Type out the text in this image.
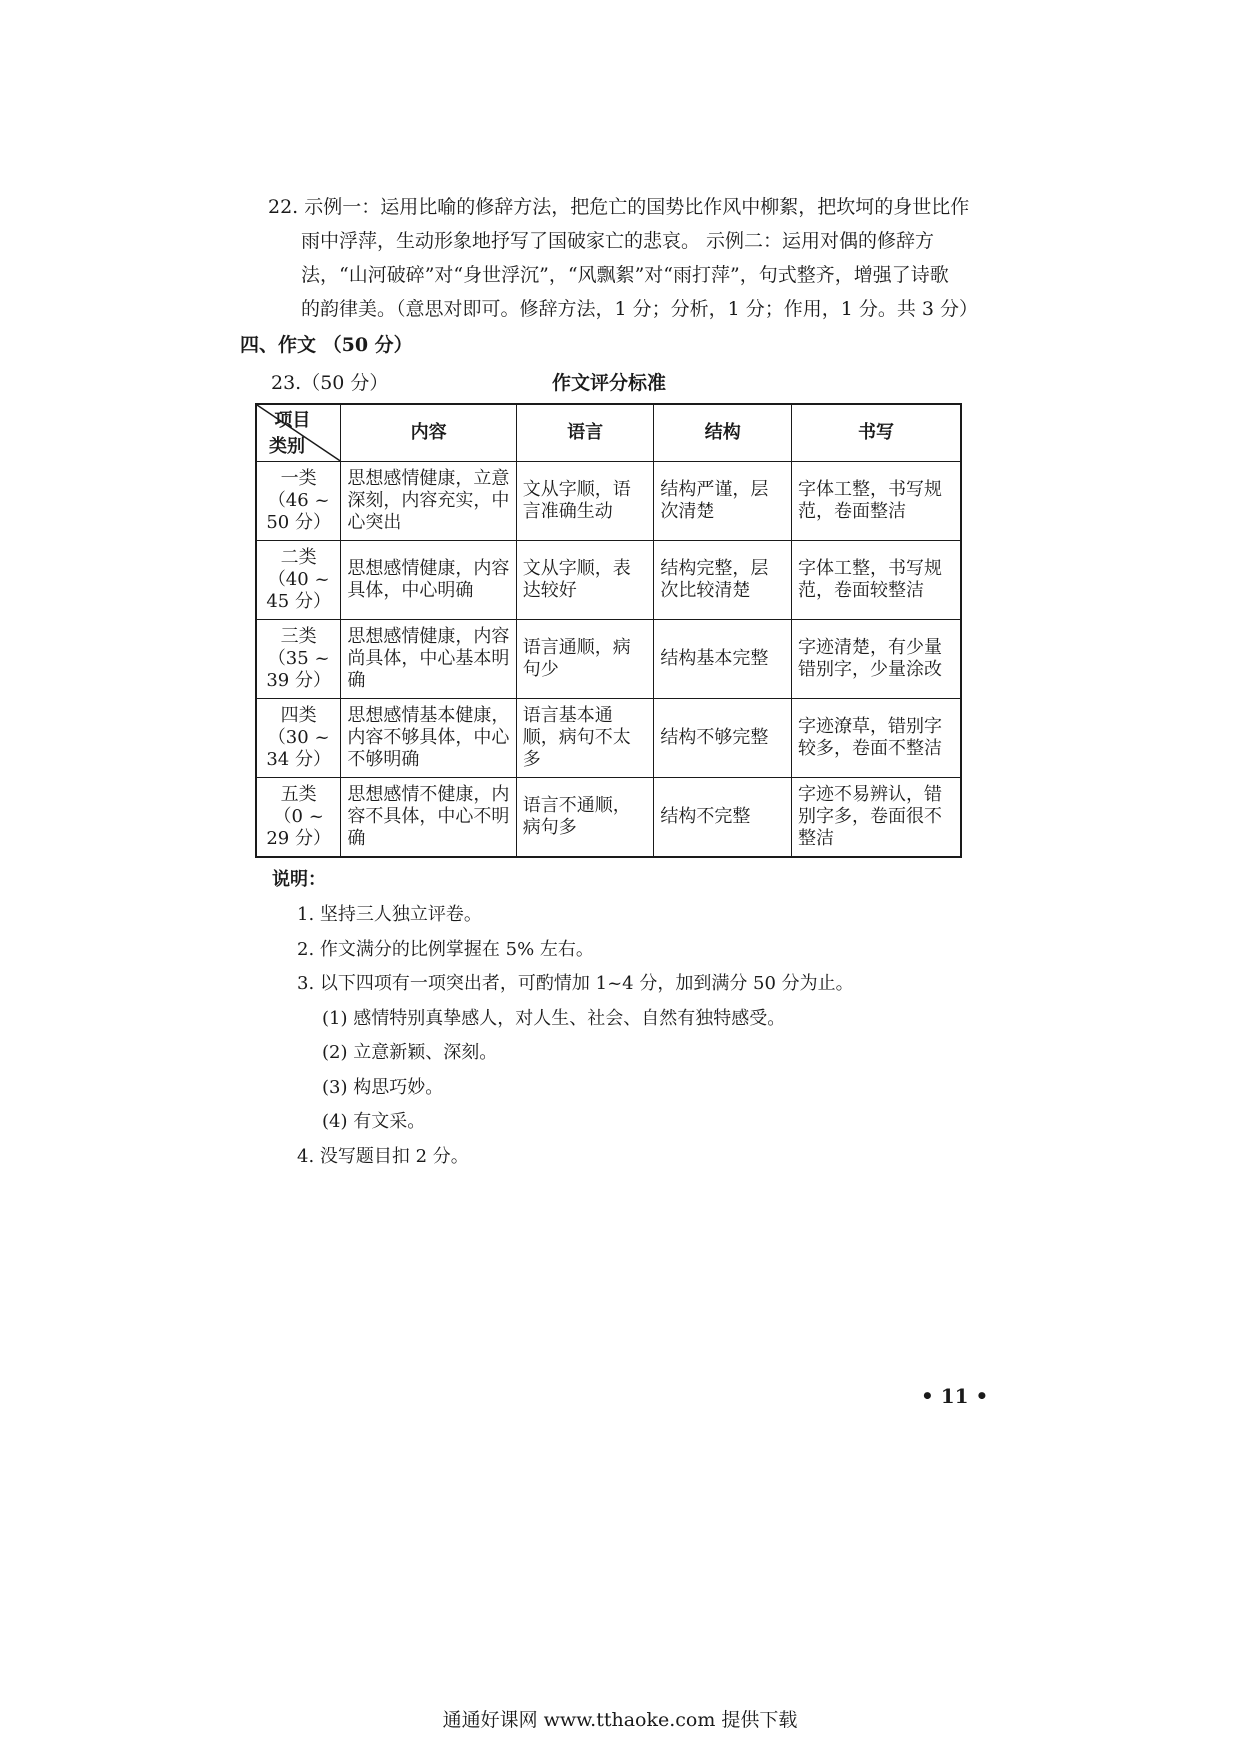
22. 示例一：运用比喻的修辞方法，把危亡的国势比作风中柳絮，把坎坷的身世比作

雨中浮萍，生动形象地抒写了国破家亡的悲哀。 示例二：运用对偶的修辞方

法，“山河破碎”对“身世浮沉”，“风飘絮”对“雨打萍”，句式整齐，增强了诗歌

的韵律美。（意思对即可。修辞方法，1 分；分析，1 分；作用，1 分。共 3 分）

四、作文 （50 分）
23.（50 分）	作文评分标准
项目
类别	内容	语言	结构	书写

一类
（46 ~ 50 分）	思想感情健康，立意深刻，内容充实，中心突出	文从字顺，语言准确生动	结构严谨，层次清楚	字体工整，书写规范，卷面整洁

二类
（40 ~ 45 分）	思想感情健康，内容具体，中心明确	文从字顺，表达较好	结构完整，层次比较清楚	字体工整，书写规范，卷面较整洁

三类
（35 ~ 39 分）	思想感情健康，内容尚具体，中心基本明确	语言通顺，病句少	结构基本完整	字迹清楚，有少量错别字，少量涂改

四类
（30 ~ 34 分）	思想感情基本健康，内容不够具体，中心不够明确	语言基本通顺，病句不太多	结构不够完整	字迹潦草，错别字较多，卷面不整洁

五类
（0 ~ 29 分）	思想感情不健康，内容不具体，中心不明确	语言不通顺，病句多	结构不完整	字迹不易辨认，错别字多，卷面很不整洁
说明：
1. 坚持三人独立评卷。
2. 作文满分的比例掌握在 5% 左右。
3. 以下四项有一项突出者，可酌情加 1~4 分，加到满分 50 分为止。
(1) 感情特别真挚感人，对人生、社会、自然有独特感受。
(2) 立意新颖、深刻。
(3) 构思巧妙。
(4) 有文采。
4. 没写题目扣 2 分。
• 11 •
通通好课网 www.tthaoke.com 提供下载
